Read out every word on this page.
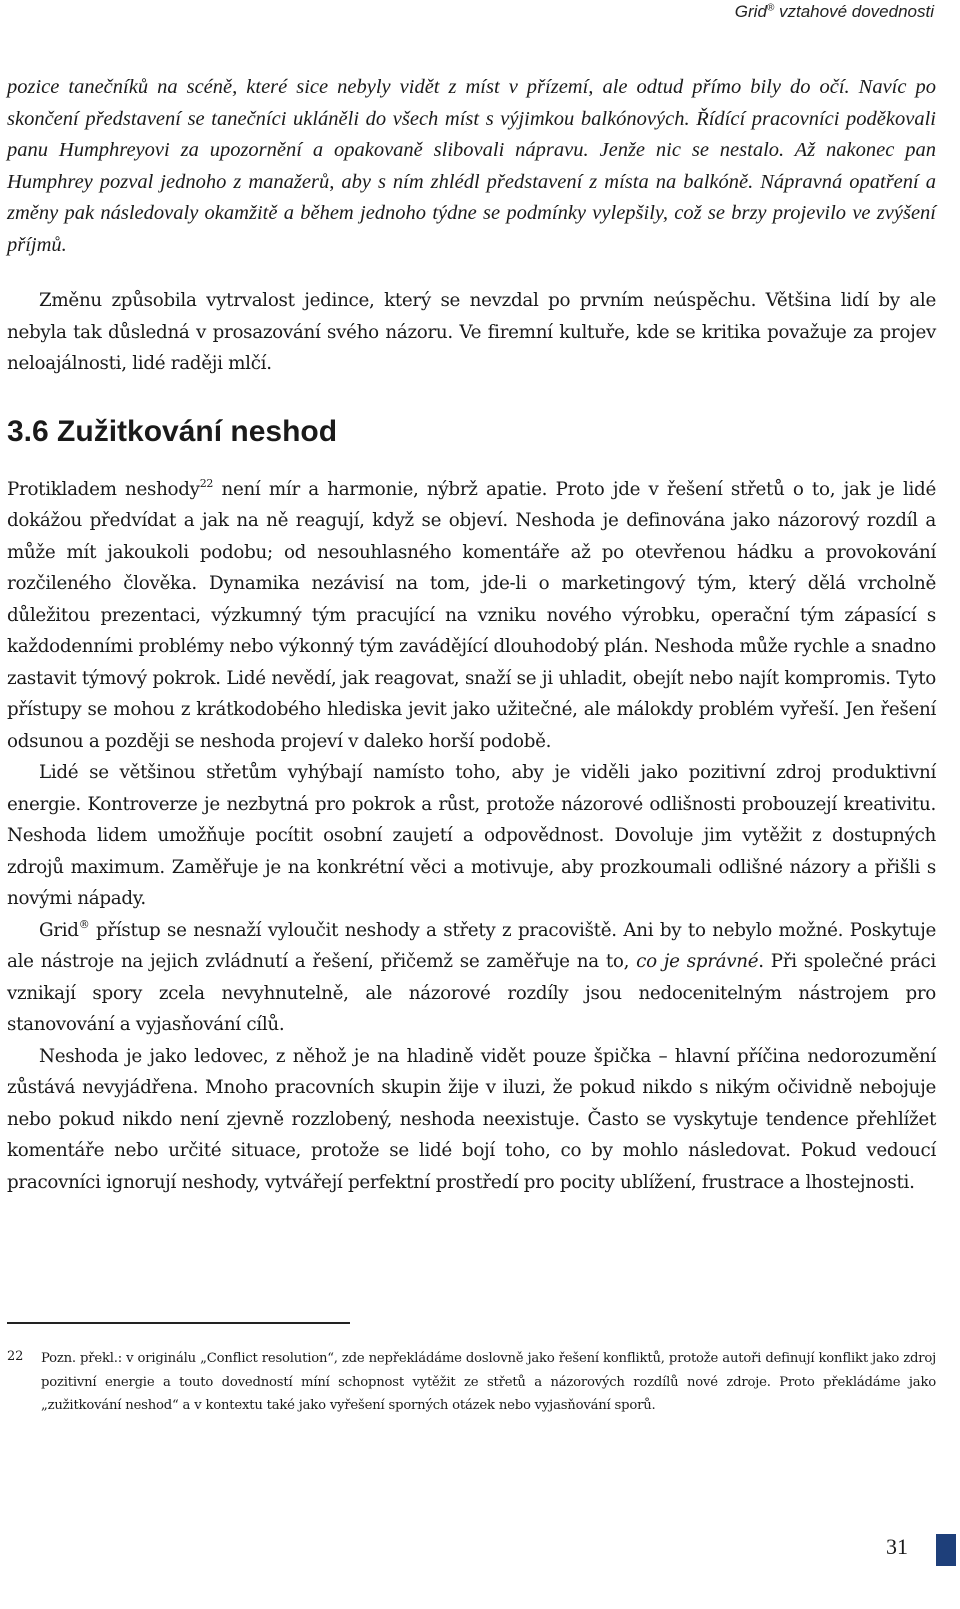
Grid® vztahové dovednosti

pozice tanečníků na scéně, které sice nebyly vidět z míst v přízemí, ale odtud přímo bily do očí. Navíc po skončení představení se tanečníci ukláněli do všech míst s výjimkou balkónových. Řídící pracovníci poděkovali panu Humphreyovi za upozornění a opakovaně slibovali nápravu. Jenže nic se nestalo. Až nakonec pan Humphrey pozval jednoho z manažerů, aby s ním zhlédl představení z místa na balkóně. Nápravná opatření a změny pak následovaly okamžitě a během jednoho týdne se podmínky vylepšily, což se brzy projevilo ve zvýšení příjmů.

Změnu způsobila vytrvalost jedince, který se nevzdal po prvním neúspěchu. Většina lidí by ale nebyla tak důsledná v prosazování svého názoru. Ve firemní kultuře, kde se kritika považuje za projev neloajálnosti, lidé raději mlčí.

3.6 Zužitkování neshod

Protikladem neshody$^{22}$ není mír a harmonie, nýbrž apatie. Proto jde v řešení střetů o to, jak je lidé dokážou předvídat a jak na ně reagují, když se objeví. Neshoda je definována jako názorový rozdíl a může mít jakoukoli podobu; od nesouhlasného komentáře až po otevřenou hádku a provokování rozčileného člověka. Dynamika nezávisí na tom, jde-li o marketingový tým, který dělá vrcholně důležitou prezentaci, výzkumný tým pracující na vzniku nového výrobku, operační tým zápasící s každodenními problémy nebo výkonný tým zavádějící dlouhodobý plán. Neshoda může rychle a snadno zastavit týmový pokrok. Lidé nevědí, jak reagovat, snaží se ji uhladit, obejít nebo najít kompromis. Tyto přístupy se mohou z krátkodobého hlediska jevit jako užitečné, ale málokdy problém vyřeší. Jen řešení odsunou a později se neshoda projeví v daleko horší podobě.

Lidé se většinou střetům vyhýbají namísto toho, aby je viděli jako pozitivní zdroj produktivní energie. Kontroverze je nezbytná pro pokrok a růst, protože názorové odlišnosti probouzejí kreativitu. Neshoda lidem umožňuje pocítit osobní zaujetí a odpovědnost. Dovoluje jim vytěžit z dostupných zdrojů maximum. Zaměřuje je na konkrétní věci a motivuje, aby prozkoumali odlišné názory a přišli s novými nápady.

Grid® přístup se nesnaží vyloučit neshody a střety z pracoviště. Ani by to nebylo možné. Poskytuje ale nástroje na jejich zvládnutí a řešení, přičemž se zaměřuje na to, co je správné. Při společné práci vznikají spory zcela nevyhnutelně, ale názorové rozdíly jsou nedocenitelným nástrojem pro stanovování a vyjasňování cílů.

Neshoda je jako ledovec, z něhož je na hladině vidět pouze špička – hlavní příčina nedorozumění zůstává nevyjádřena. Mnoho pracovních skupin žije v iluzi, že pokud nikdo s nikým očividně nebojuje nebo pokud nikdo není zjevně rozzlobený, neshoda neexistuje. Často se vyskytuje tendence přehlížet komentáře nebo určité situace, protože se lidé bojí toho, co by mohlo následovat. Pokud vedoucí pracovníci ignorují neshody, vytvářejí perfektní prostředí pro pocity ublížení, frustrace a lhostejnosti.

22 Pozn. překl.: v originálu „Conflict resolution“, zde nepřekládáme doslovně jako řešení konfliktů, protože autoři definují konflikt jako zdroj pozitivní energie a touto dovedností míní schopnost vytěžit ze střetů a názorových rozdílů nové zdroje. Proto překládáme jako „zužitkování neshod“ a v kontextu také jako vyřešení sporných otázek nebo vyjasňování sporů.
31
